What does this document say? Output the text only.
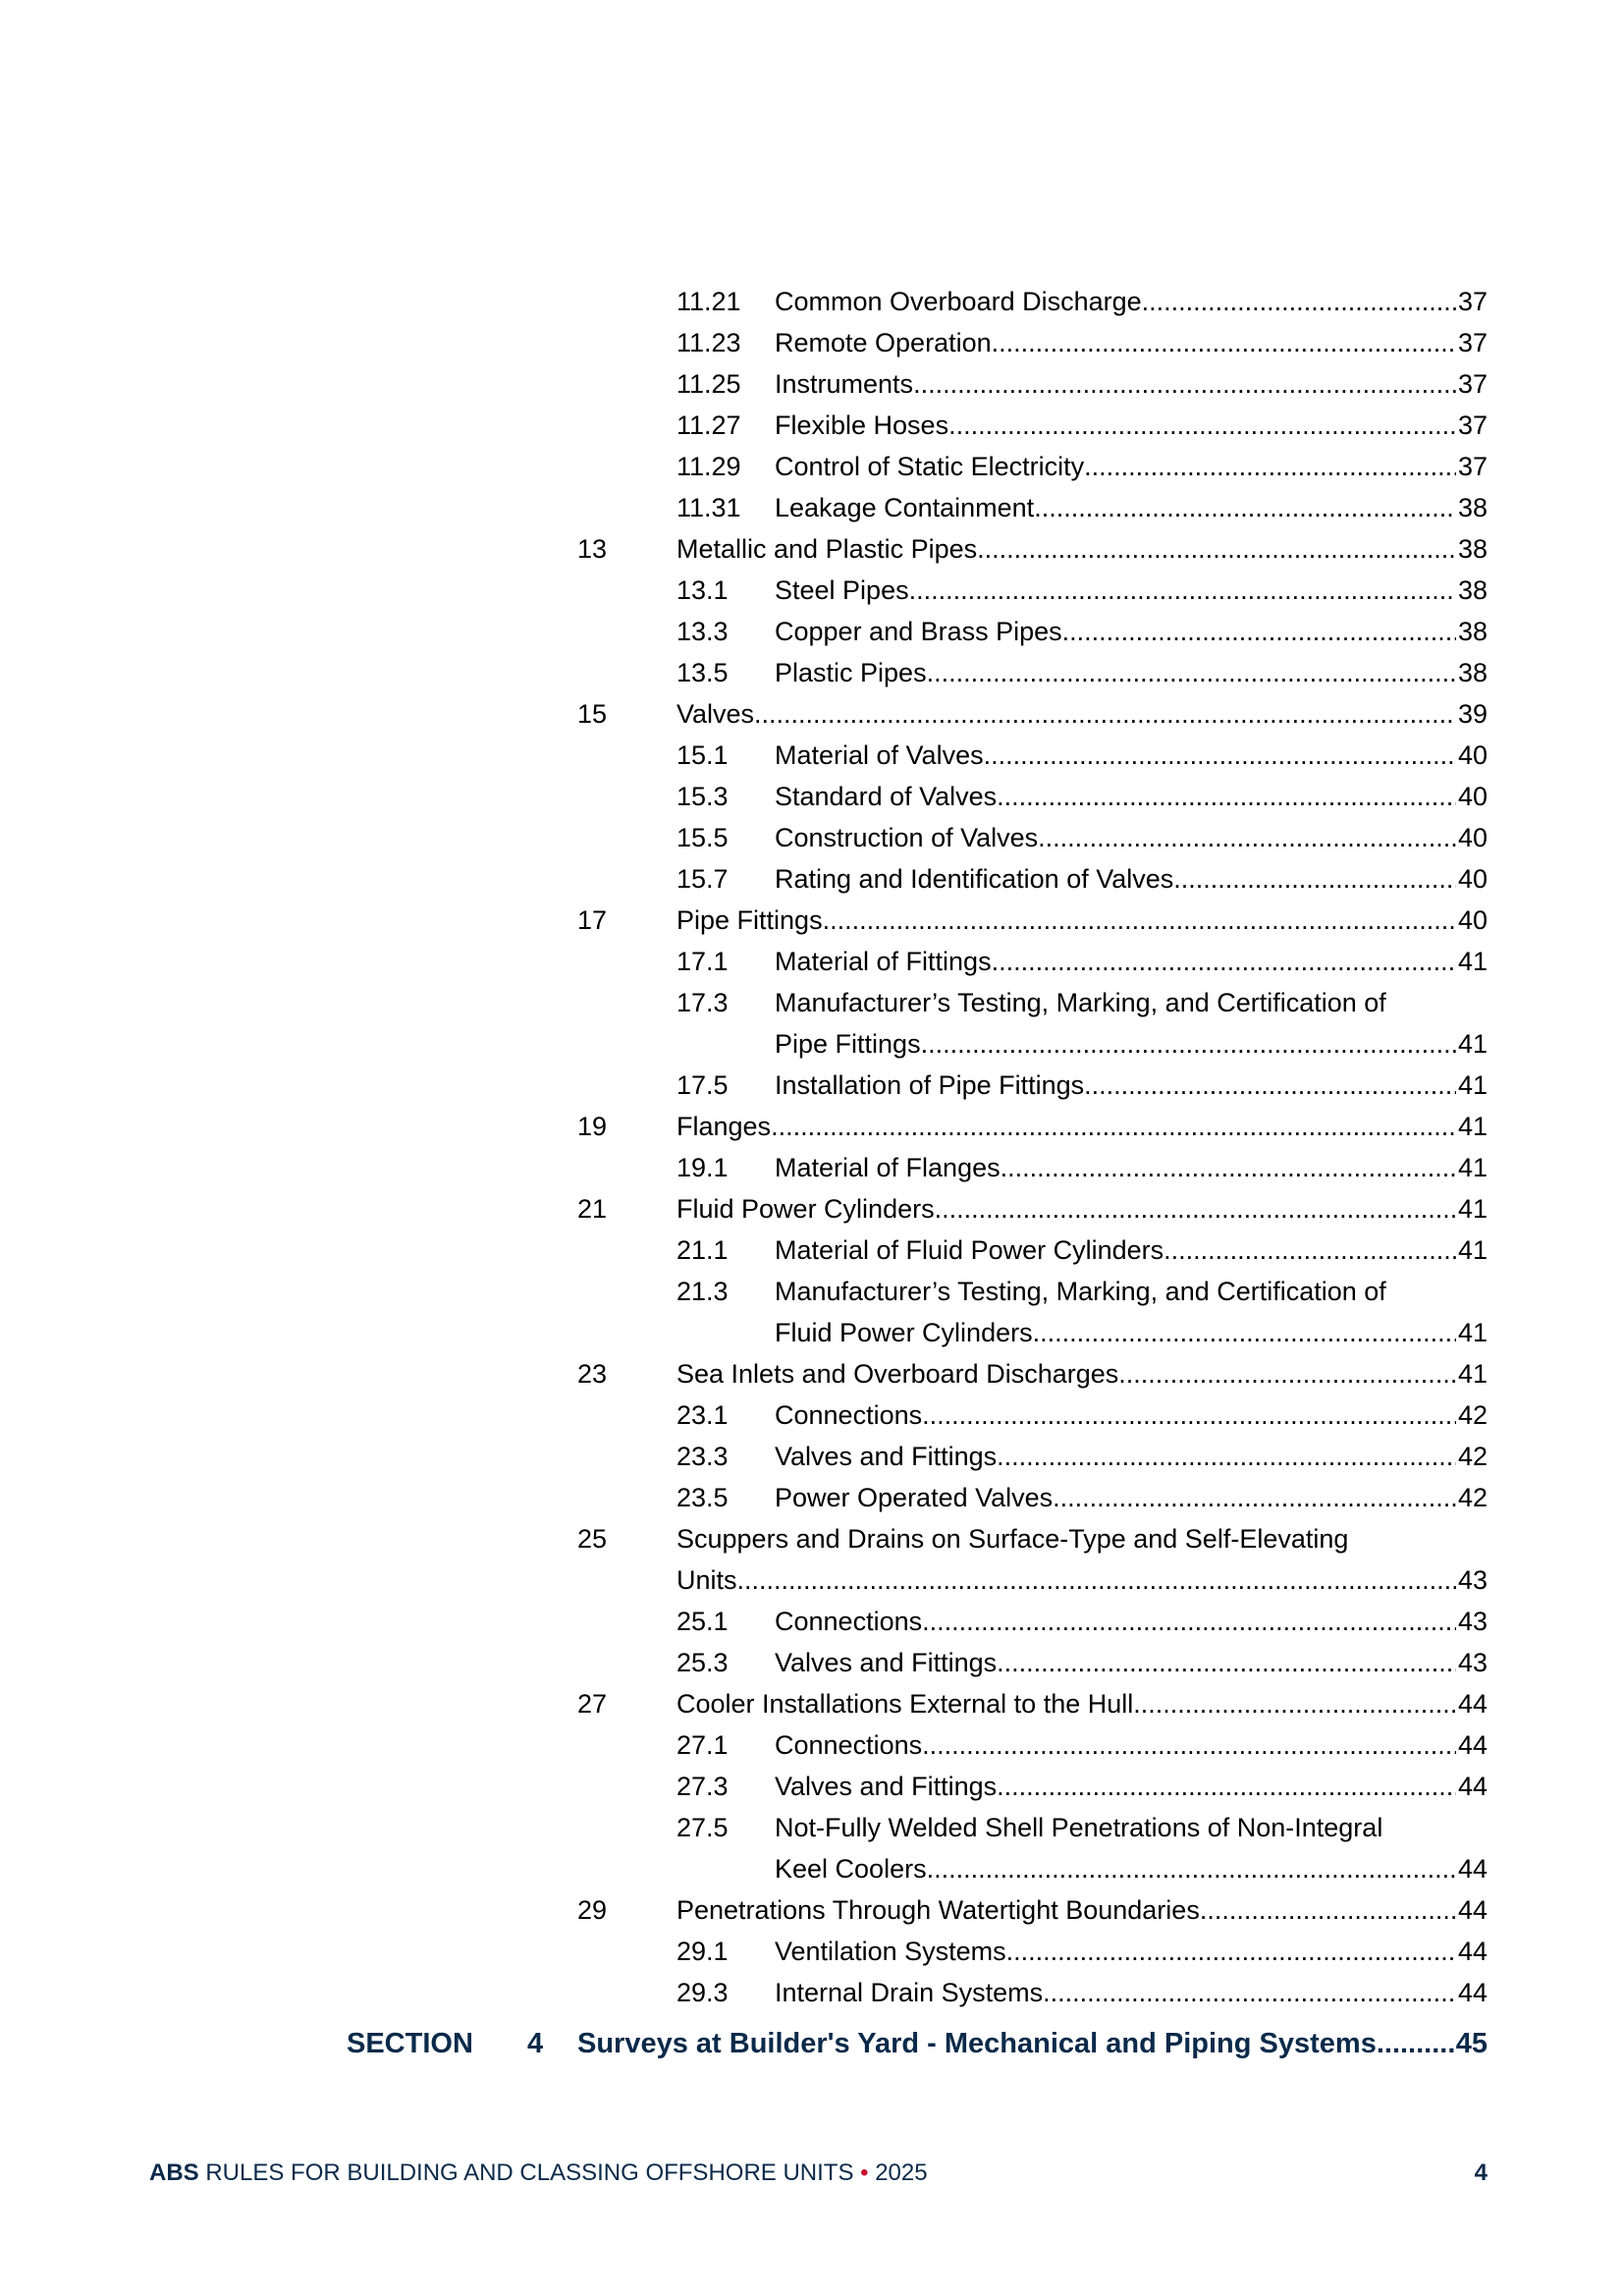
11.21 Common Overboard Discharge .....	37
11.23 Remote Operation .....	37
11.25 Instruments .....	37
11.27 Flexible Hoses .....	37
11.29 Control of Static Electricity .....	37
11.31 Leakage Containment .....	38
13	Metallic and Plastic Pipes .....	38
13.1 Steel Pipes .....	38
13.3 Copper and Brass Pipes .....	38
13.5 Plastic Pipes .....	38
15	Valves .....	39
15.1 Material of Valves .....	40
15.3 Standard of Valves .....	40
15.5 Construction of Valves .....	40
15.7 Rating and Identification of Valves .....	40
17	Pipe Fittings .....	40
17.1 Material of Fittings .....	41
17.3 Manufacturer’s Testing, Marking, and Certification of
Pipe Fittings .....	41
17.5 Installation of Pipe Fittings .....	41
19	Flanges .....	41
19.1 Material of Flanges .....	41
21	Fluid Power Cylinders .....	41
21.1 Material of Fluid Power Cylinders .....	41
21.3 Manufacturer’s Testing, Marking, and Certification of
Fluid Power Cylinders .....	41
23	Sea Inlets and Overboard Discharges .....	41
23.1 Connections .....	42
23.3 Valves and Fittings .....	42
23.5 Power Operated Valves .....	42
25	Scuppers and Drains on Surface-Type and Self-Elevating
Units .....	43
25.1 Connections .....	43
25.3 Valves and Fittings .....	43
27	Cooler Installations External to the Hull .....	44
27.1 Connections .....	44
27.3 Valves and Fittings .....	44
27.5 Not-Fully Welded Shell Penetrations of Non-Integral
Keel Coolers .....	44
29	Penetrations Through Watertight Boundaries .....	44
29.1 Ventilation Systems .....	44
29.3 Internal Drain Systems .....	44
SECTION 4 Surveys at Builder's Yard - Mechanical and Piping Systems .....	45
ABS RULES FOR BUILDING AND CLASSING OFFSHORE UNITS • 2025	4
